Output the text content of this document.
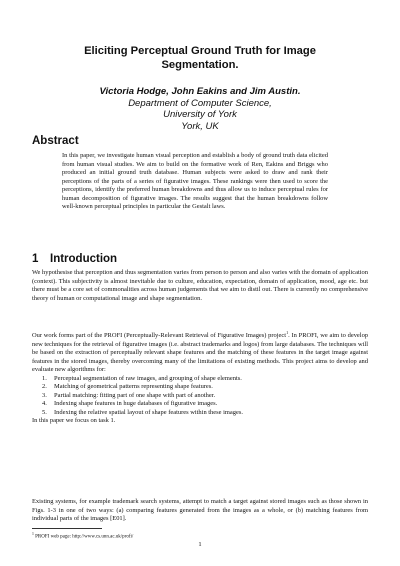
Eliciting Perceptual Ground Truth for Image
Segmentation.
Victoria Hodge, John Eakins and Jim Austin.
Department of Computer Science,
University of York
York, UK
Abstract
In this paper, we investigate human visual perception and establish a body of ground truth data elicited from human visual studies. We aim to build on the formative work of Ren, Eakins and Briggs who produced an initial ground truth database. Human subjects were asked to draw and rank their perceptions of the parts of a series of figurative images. These rankings were then used to score the perceptions, identify the preferred human breakdowns and thus allow us to induce perceptual rules for human decomposition of figurative images. The results suggest that the human breakdowns follow well-known perceptual principles in particular the Gestalt laws.
1 Introduction
We hypothesise that perception and thus segmentation varies from person to person and also varies with the domain of application (context). This subjectivity is almost inevitable due to culture, education, expectation, domain of application, mood, age etc. but there must be a core set of commonalities across human judgements that we aim to distil out. There is currently no comprehensive theory of human or computational image and shape segmentation.
Our work forms part of the PROFI (Perceptually-Relevant Retrieval of Figurative Images) project$^1$. In PROFI, we aim to develop new techniques for the retrieval of figurative images (i.e. abstract trademarks and logos) from large databases. The techniques will be based on the extraction of perceptually relevant shape features and the matching of these features in the target image against features in the stored images, thereby overcoming many of the limitations of existing methods. This project aims to develop and evaluate new algorithms for:
1. Perceptual segmentation of raw images, and grouping of shape elements.
2. Matching of geometrical patterns representing shape features.
3. Partial matching: fitting part of one shape with part of another.
4. Indexing shape features in huge databases of figurative images.
5. Indexing the relative spatial layout of shape features within these images.
In this paper we focus on task 1.
Existing systems, for example trademark search systems, attempt to match a target against stored images such as those shown in Figs. 1-3 in one of two ways: (a) comparing features generated from the images as a whole, or (b) matching features from individual parts of the images [E01].
$^1$ PROFI web page: http://www.cs.unn.ac.uk/profi/
1
